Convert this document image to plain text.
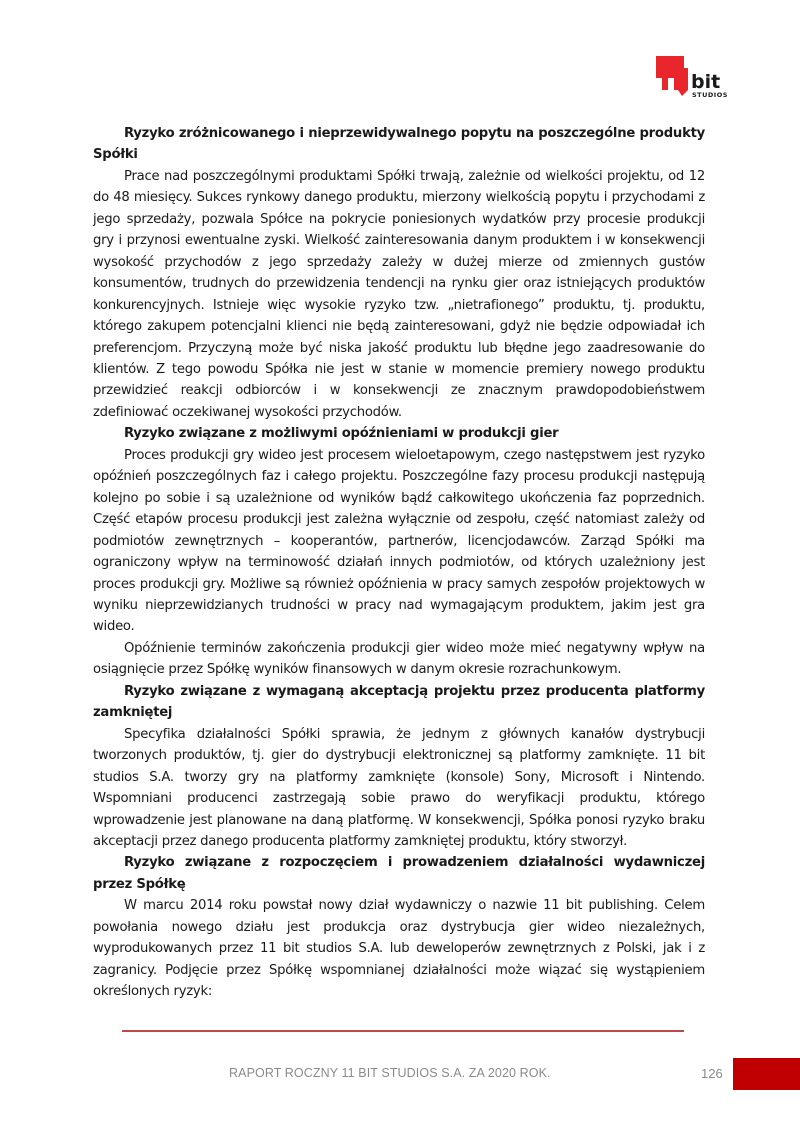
bit
STUDIOS
Ryzyko zróżnicowanego i nieprzewidywalnego popytu na poszczególne produkty Spółki

Prace nad poszczególnymi produktami Spółki trwają, zależnie od wielkości projektu, od 12 do 48 miesięcy. Sukces rynkowy danego produktu, mierzony wielkością popytu i przychodami z jego sprzedaży, pozwala Spółce na pokrycie poniesionych wydatków przy procesie produkcji gry i przynosi ewentualne zyski. Wielkość zainteresowania danym produktem i w konsekwencji wysokość przychodów z jego sprzedaży zależy w dużej mierze od zmiennych gustów konsumentów, trudnych do przewidzenia tendencji na rynku gier oraz istniejących produktów konkurencyjnych. Istnieje więc wysokie ryzyko tzw. „nietrafionego” produktu, tj. produktu, którego zakupem potencjalni klienci nie będą zainteresowani, gdyż nie będzie odpowiadał ich preferencjom. Przyczyną może być niska jakość produktu lub błędne jego zaadresowanie do klientów. Z tego powodu Spółka nie jest w stanie w momencie premiery nowego produktu przewidzieć reakcji odbiorców i w konsekwencji ze znacznym prawdopodobieństwem zdefiniować oczekiwanej wysokości przychodów.

Ryzyko związane z możliwymi opóźnieniami w produkcji gier

Proces produkcji gry wideo jest procesem wieloetapowym, czego następstwem jest ryzyko opóźnień poszczególnych faz i całego projektu. Poszczególne fazy procesu produkcji następują kolejno po sobie i są uzależnione od wyników bądź całkowitego ukończenia faz poprzednich. Część etapów procesu produkcji jest zależna wyłącznie od zespołu, część natomiast zależy od podmiotów zewnętrznych – kooperantów, partnerów, licencjodawców. Zarząd Spółki ma ograniczony wpływ na terminowość działań innych podmiotów, od których uzależniony jest proces produkcji gry. Możliwe są również opóźnienia w pracy samych zespołów projektowych w wyniku nieprzewidzianych trudności w pracy nad wymagającym produktem, jakim jest gra wideo.

Opóźnienie terminów zakończenia produkcji gier wideo może mieć negatywny wpływ na osiągnięcie przez Spółkę wyników finansowych w danym okresie rozrachunkowym.

Ryzyko związane z wymaganą akceptacją projektu przez producenta platformy zamkniętej

Specyfika działalności Spółki sprawia, że jednym z głównych kanałów dystrybucji tworzonych produktów, tj. gier do dystrybucji elektronicznej są platformy zamknięte. 11 bit studios S.A. tworzy gry na platformy zamknięte (konsole) Sony, Microsoft i Nintendo. Wspomniani producenci zastrzegają sobie prawo do weryfikacji produktu, którego wprowadzenie jest planowane na daną platformę. W konsekwencji, Spółka ponosi ryzyko braku akceptacji przez danego producenta platformy zamkniętej produktu, który stworzył.

Ryzyko związane z rozpoczęciem i prowadzeniem działalności wydawniczej przez Spółkę

W marcu 2014 roku powstał nowy dział wydawniczy o nazwie 11 bit publishing. Celem powołania nowego działu jest produkcja oraz dystrybucja gier wideo niezależnych, wyprodukowanych przez 11 bit studios S.A. lub deweloperów zewnętrznych z Polski, jak i z zagranicy. Podjęcie przez Spółkę wspomnianej działalności może wiązać się wystąpieniem określonych ryzyk:

RAPORT ROCZNY 11 BIT STUDIOS S.A. ZA 2020 ROK.	126
